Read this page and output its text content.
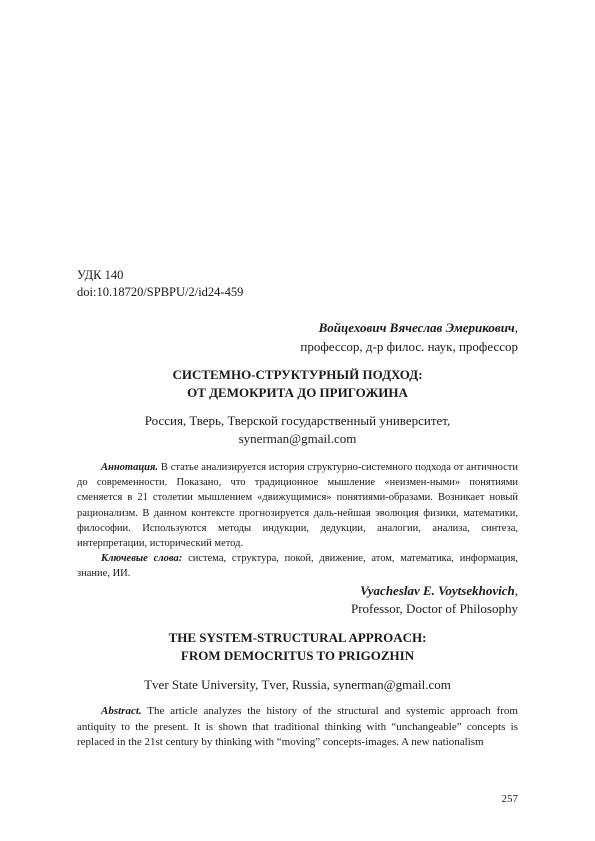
УДК 140
doi:10.18720/SPBPU/2/id24-459
Войцехович Вячеслав Эмерикович,
профессор, д-р филос. наук, профессор
СИСТЕМНО-СТРУКТУРНЫЙ ПОДХОД:
ОТ ДЕМОКРИТА ДО ПРИГОЖИНА
Россия, Тверь, Тверской государственный университет,
synerman@gmail.com

Аннотация. В статье анализируется история структурно-системного подхода от античности до современности. Показано, что традиционное мышление «неизмен-ными» понятиями сменяется в 21 столетии мышлением «движущимися» понятиями-образами. Возникает новый рационализм. В данном контексте прогнозируется даль-нейшая эволюция физики, математики, философии. Используются методы индукции, дедукции, аналогии, анализа, синтеза, интерпретации, исторический метод.

Ключевые слова: система, структура, покой, движение, атом, математика, информация, знание, ИИ.

Vyacheslav E. Voytsekhovich,
Professor, Doctor of Philosophy
THE SYSTEM-STRUCTURAL APPROACH:
FROM DEMOCRITUS TO PRIGOZHIN
Tver State University, Tver, Russia, synerman@gmail.com

Abstract. The article analyzes the history of the structural and systemic approach from antiquity to the present. It is shown that traditional thinking with “unchangeable” concepts is replaced in the 21st century by thinking with “moving” concepts-images. A new nationalism

257
